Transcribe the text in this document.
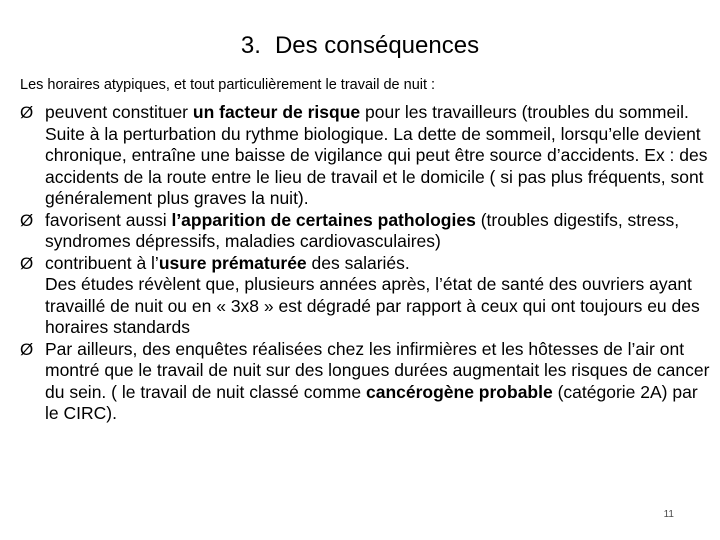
3. Des conséquences
Les horaires atypiques, et tout particulièrement le travail de nuit :
Ø peuvent constituer un facteur de risque pour les travailleurs (troubles du sommeil. Suite à la perturbation du rythme biologique. La dette de sommeil, lorsqu’elle devient chronique, entraîne une baisse de vigilance qui peut être source d’accidents. Ex : des accidents de la route entre le lieu de travail et le domicile ( si pas plus fréquents, sont généralement plus graves la nuit).
Ø favorisent aussi l’apparition de certaines pathologies (troubles digestifs, stress, syndromes dépressifs, maladies cardiovasculaires)
Ø contribuent à l’usure prématurée des salariés.
Des études révèlent que, plusieurs années après, l’état de santé des ouvriers ayant travaillé de nuit ou en « 3x8 » est dégradé par rapport à ceux qui ont toujours eu des horaires standards
Ø Par ailleurs, des enquêtes réalisées chez les infirmières et les hôtesses de l’air ont montré que le travail de nuit sur des longues durées augmentait les risques de cancer du sein. ( le travail de nuit classé comme cancérogène probable (catégorie 2A) par le CIRC).
11
